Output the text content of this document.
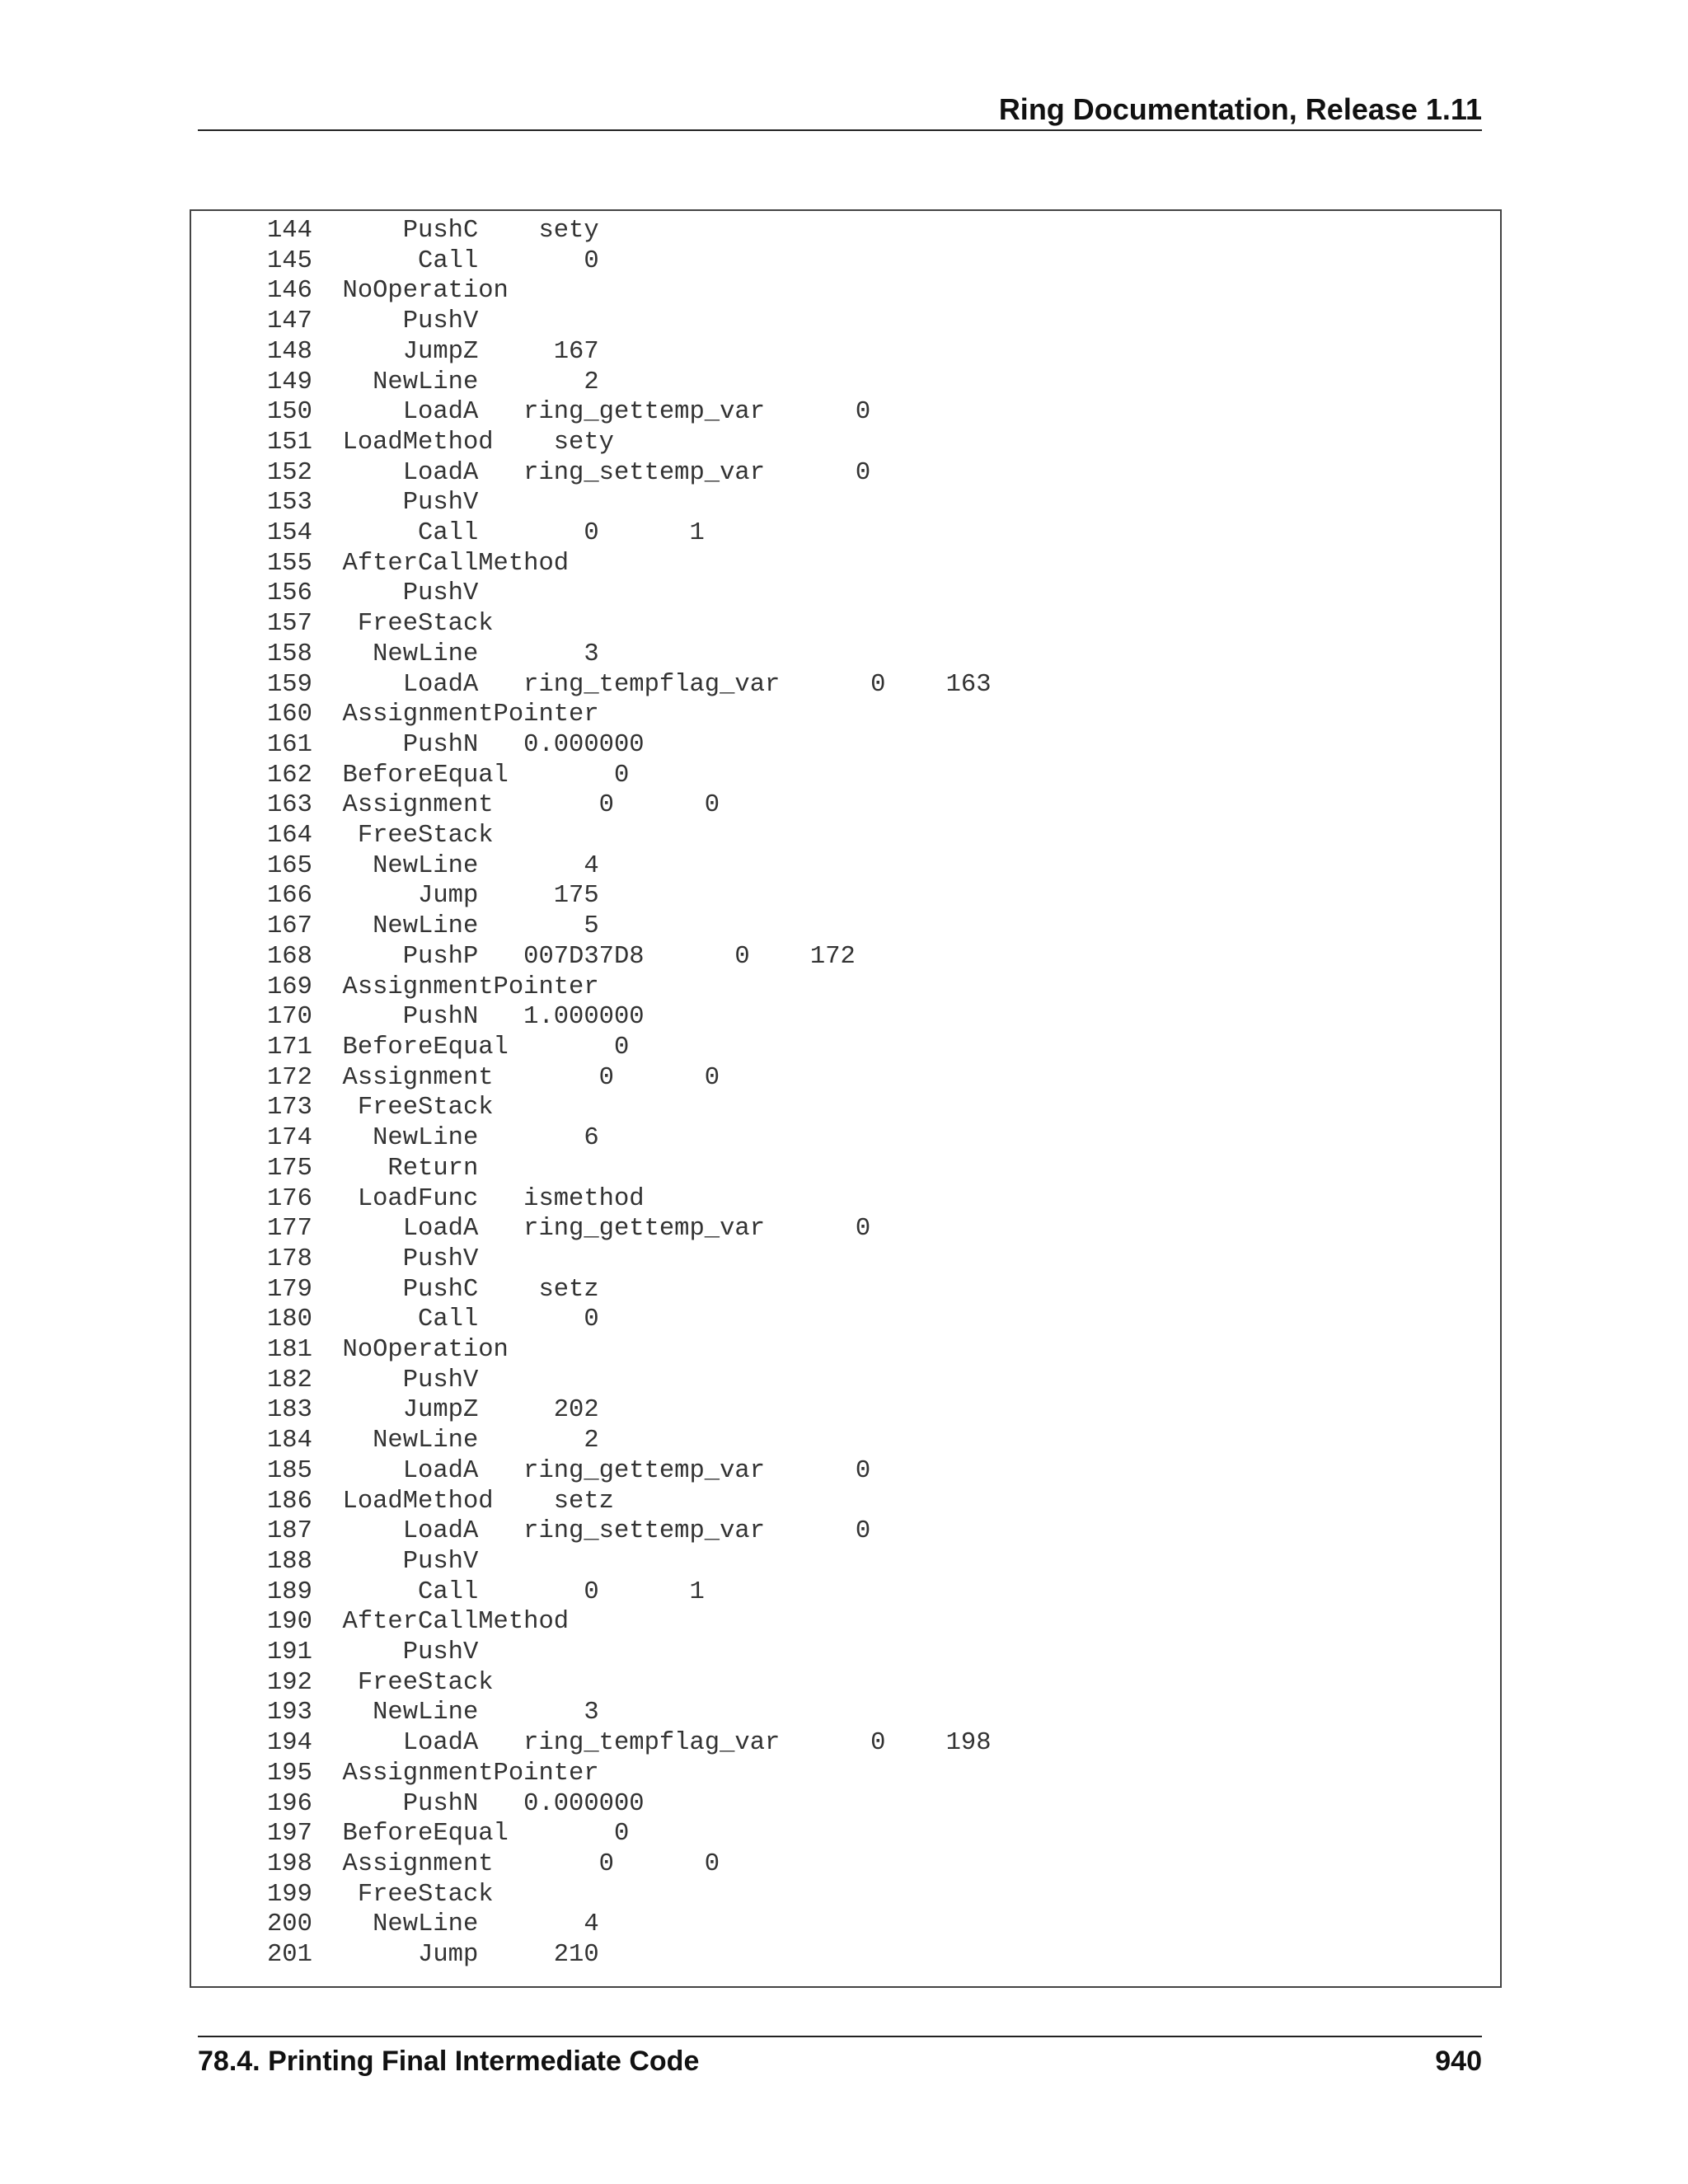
Ring Documentation, Release 1.11
144      PushC    sety
145       Call       0
146  NoOperation
147      PushV
148      JumpZ     167
149    NewLine       2
150      LoadA   ring_gettemp_var      0
151  LoadMethod    sety
152      LoadA   ring_settemp_var      0
153      PushV
154       Call       0      1
155  AfterCallMethod
156      PushV
157   FreeStack
158    NewLine       3
159      LoadA   ring_tempflag_var      0    163
160  AssignmentPointer
161      PushN   0.000000
162  BeforeEqual       0
163  Assignment       0      0
164   FreeStack
165    NewLine       4
166       Jump     175
167    NewLine       5
168      PushP   007D37D8      0    172
169  AssignmentPointer
170      PushN   1.000000
171  BeforeEqual       0
172  Assignment       0      0
173   FreeStack
174    NewLine       6
175     Return
176   LoadFunc   ismethod
177      LoadA   ring_gettemp_var      0
178      PushV
179      PushC    setz
180       Call       0
181  NoOperation
182      PushV
183      JumpZ     202
184    NewLine       2
185      LoadA   ring_gettemp_var      0
186  LoadMethod    setz
187      LoadA   ring_settemp_var      0
188      PushV
189       Call       0      1
190  AfterCallMethod
191      PushV
192   FreeStack
193    NewLine       3
194      LoadA   ring_tempflag_var      0    198
195  AssignmentPointer
196      PushN   0.000000
197  BeforeEqual       0
198  Assignment       0      0
199   FreeStack
200    NewLine       4
201       Jump     210
78.4. Printing Final Intermediate Code	940
